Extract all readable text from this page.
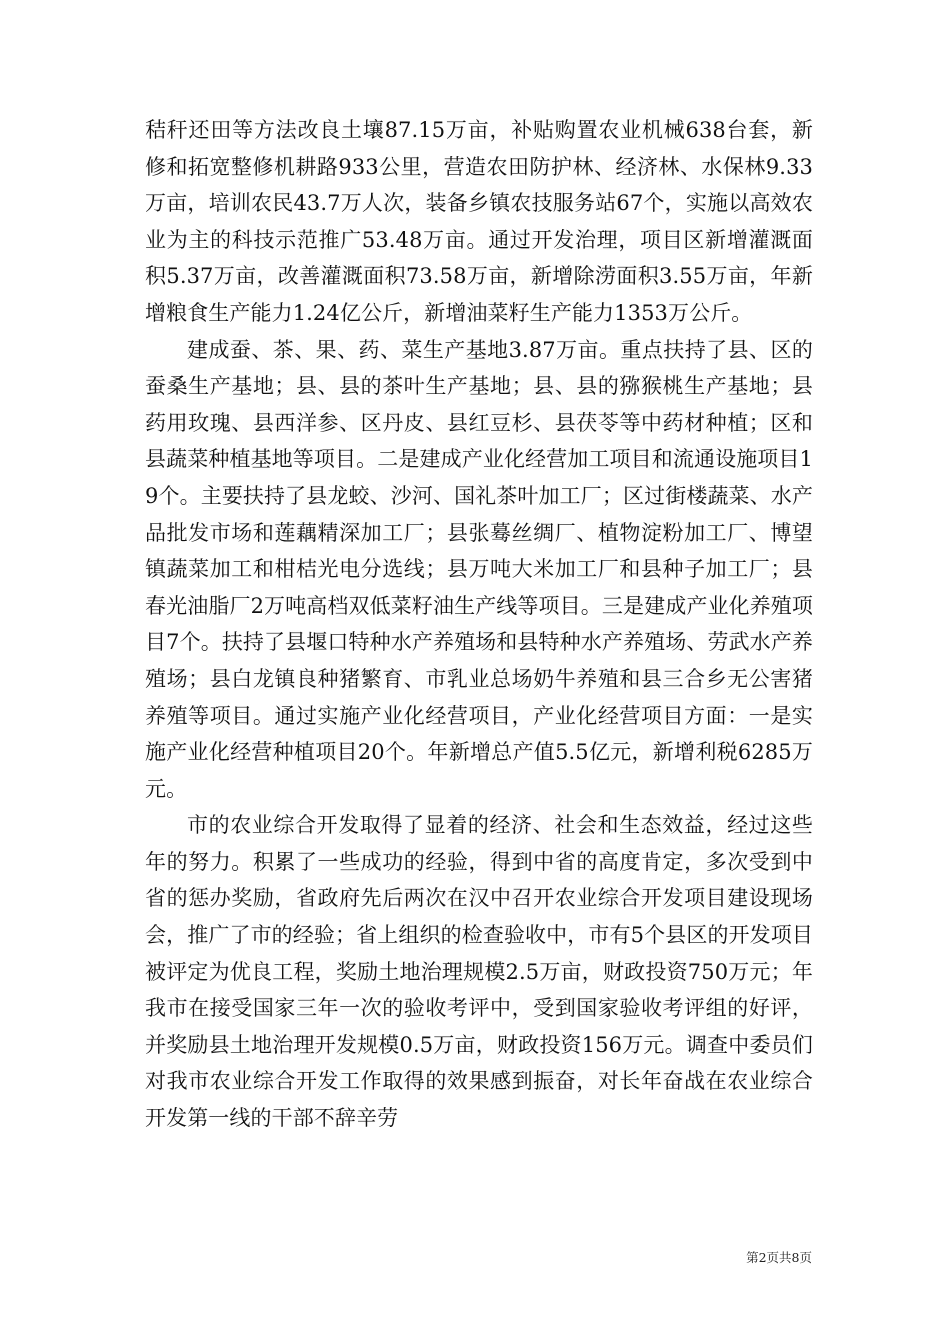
秸秆还田等方法改良土壤87.15万亩，补贴购置农业机械638台套，新修和拓宽整修机耕路933公里，营造农田防护林、经济林、水保林9.33万亩，培训农民43.7万人次，装备乡镇农技服务站67个，实施以高效农业为主的科技示范推广53.48万亩。通过开发治理，项目区新增灌溉面积5.37万亩，改善灌溉面积73.58万亩，新增除涝面积3.55万亩，年新增粮食生产能力1.24亿公斤，新增油菜籽生产能力1353万公斤。

建成蚕、茶、果、药、菜生产基地3.87万亩。重点扶持了县、区的蚕桑生产基地；县、县的茶叶生产基地；县、县的猕猴桃生产基地；县药用玫瑰、县西洋参、区丹皮、县红豆杉、县茯苓等中药材种植；区和县蔬菜种植基地等项目。二是建成产业化经营加工项目和流通设施项目19个。主要扶持了县龙蛟、沙河、国礼茶叶加工厂；区过街楼蔬菜、水产品批发市场和莲藕精深加工厂；县张蓦丝绸厂、植物淀粉加工厂、博望镇蔬菜加工和柑桔光电分选线；县万吨大米加工厂和县种子加工厂；县春光油脂厂2万吨高档双低菜籽油生产线等项目。三是建成产业化养殖项目7个。扶持了县堰口特种水产养殖场和县特种水产养殖场、劳武水产养殖场；县白龙镇良种猪繁育、市乳业总场奶牛养殖和县三合乡无公害猪养殖等项目。通过实施产业化经营项目，产业化经营项目方面：一是实施产业化经营种植项目20个。年新增总产值5.5亿元，新增利税6285万元。

市的农业综合开发取得了显着的经济、社会和生态效益，经过这些年的努力。积累了一些成功的经验，得到中省的高度肯定，多次受到中省的惩办奖励，省政府先后两次在汉中召开农业综合开发项目建设现场会，推广了市的经验；省上组织的检查验收中，市有5个县区的开发项目被评定为优良工程，奖励土地治理规模2.5万亩，财政投资750万元；年我市在接受国家三年一次的验收考评中，受到国家验收考评组的好评，并奖励县土地治理开发规模0.5万亩，财政投资156万元。调查中委员们对我市农业综合开发工作取得的效果感到振奋，对长年奋战在农业综合开发第一线的干部不辞辛劳

第2页共8页
